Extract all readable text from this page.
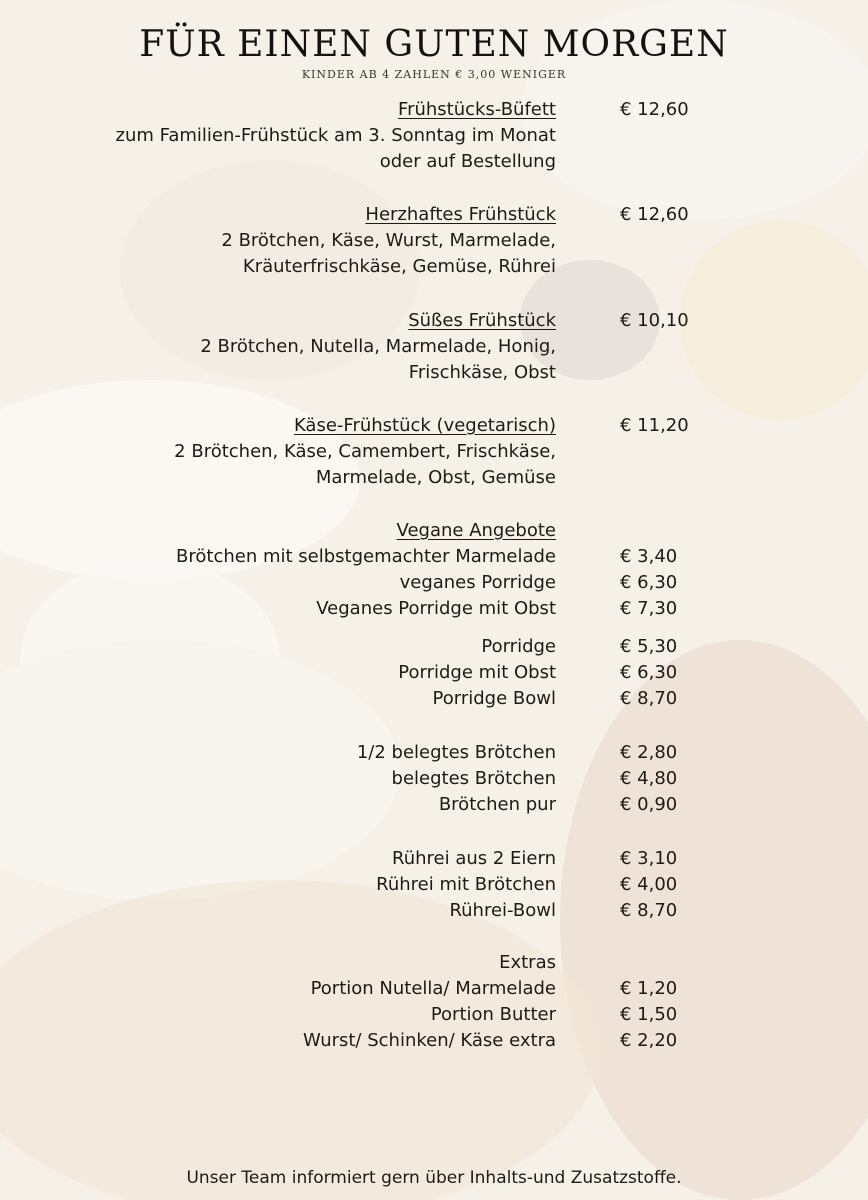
FÜR EINEN GUTEN MORGEN
KINDER AB 4 ZAHLEN € 3,00 WENIGER
Frühstücks-Büfett	€ 12,60
zum Familien-Frühstück am 3. Sonntag im Monat
oder auf Bestellung
Herzhaftes Frühstück	€ 12,60
2 Brötchen, Käse, Wurst, Marmelade,
Kräuterfrischkäse, Gemüse, Rührei
Süßes Frühstück	€ 10,10
2 Brötchen, Nutella, Marmelade, Honig,
Frischkäse, Obst
Käse-Frühstück (vegetarisch)	€ 11,20
2 Brötchen, Käse, Camembert, Frischkäse,
Marmelade, Obst, Gemüse
Vegane Angebote
Brötchen mit selbstgemachter Marmelade	€ 3,40
veganes Porridge	€ 6,30
Veganes Porridge mit Obst	€ 7,30
Porridge	€ 5,30
Porridge mit Obst	€ 6,30
Porridge Bowl	€ 8,70
1/2 belegtes Brötchen	€ 2,80
belegtes Brötchen	€ 4,80
Brötchen pur	€ 0,90
Rührei aus 2 Eiern	€ 3,10
Rührei mit Brötchen	€ 4,00
Rührei-Bowl	€ 8,70
Extras
Portion Nutella/ Marmelade	€ 1,20
Portion Butter	€ 1,50
Wurst/ Schinken/ Käse extra	€ 2,20
Unser Team informiert gern über Inhalts-und Zusatzstoffe.
